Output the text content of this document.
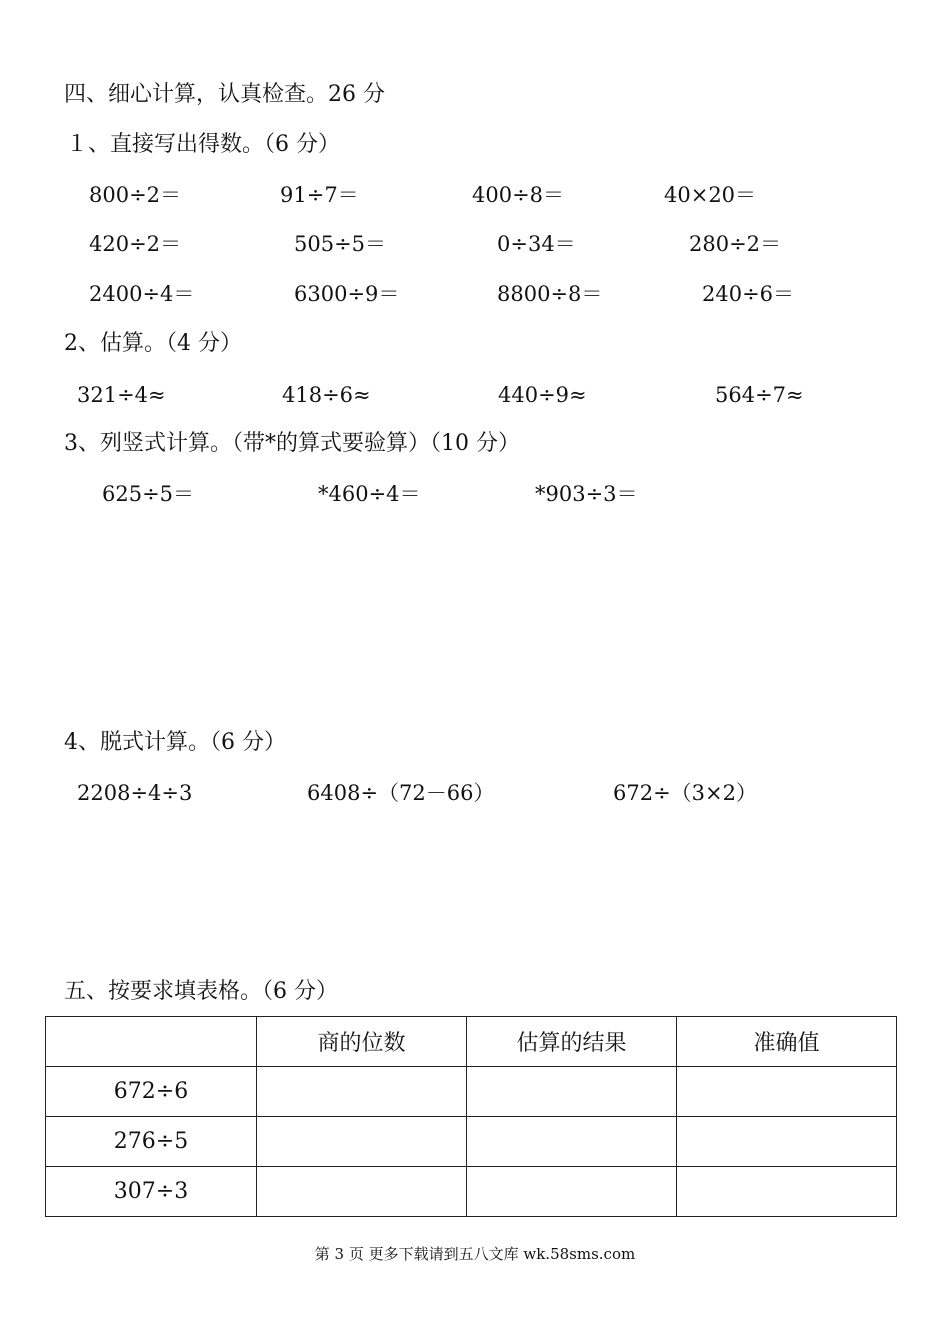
四、细心计算，认真检查。26 分
１、直接写出得数。（6 分）
800÷2＝	91÷7＝	400÷8＝	40×20＝
420÷2＝	505÷5＝	0÷34＝	280÷2＝
2400÷4＝	6300÷9＝	8800÷8＝	240÷6＝
2、估算。（4 分）
321÷4≈	418÷6≈	440÷9≈	564÷7≈
3、列竖式计算。（带*的算式要验算）（10 分）
625÷5＝	*460÷4＝	*903÷3＝
4、脱式计算。（6 分）
2208÷4÷3	6408÷（72－66）	672÷（3×2）
五、按要求填表格。（6 分）
	商的位数	估算的结果	准确值
672÷6			
276÷5			
307÷3			
第 3 页 更多下载请到五八文库 wk.58sms.com
